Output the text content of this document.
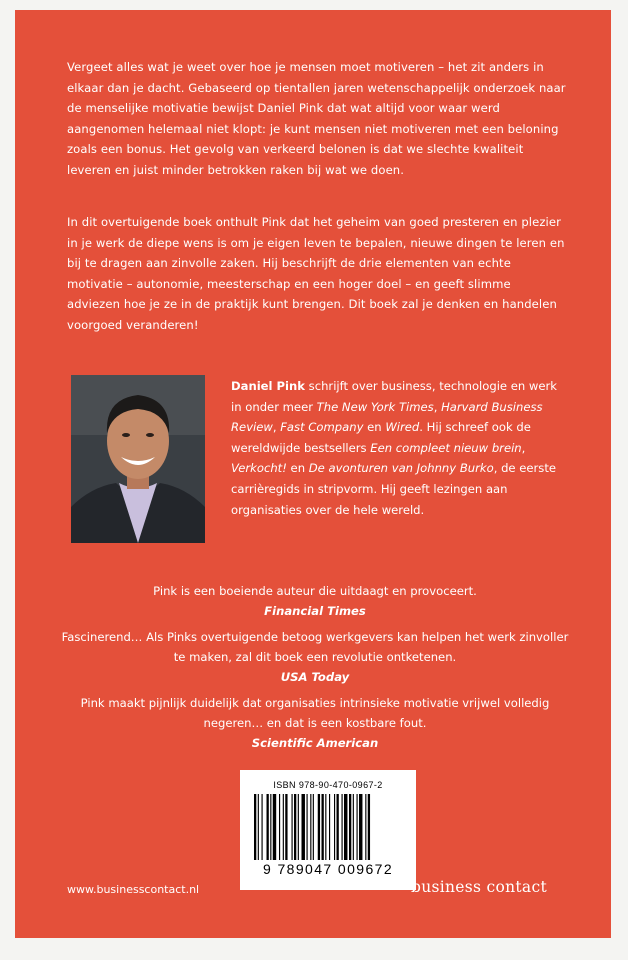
Vergeet alles wat je weet over hoe je mensen moet motiveren – het zit anders in elkaar dan je dacht. Gebaseerd op tientallen jaren wetenschappelijk onderzoek naar de menselijke motivatie bewijst Daniel Pink dat wat altijd voor waar werd aangenomen helemaal niet klopt: je kunt mensen niet motiveren met een beloning zoals een bonus. Het gevolg van verkeerd belonen is dat we slechte kwaliteit leveren en juist minder betrokken raken bij wat we doen.

In dit overtuigende boek onthult Pink dat het geheim van goed presteren en plezier in je werk de diepe wens is om je eigen leven te bepalen, nieuwe dingen te leren en bij te dragen aan zinvolle zaken. Hij beschrijft de drie elementen van echte motivatie – autonomie, meesterschap en een hoger doel – en geeft slimme adviezen hoe je ze in de praktijk kunt brengen. Dit boek zal je denken en handelen voorgoed veranderen!

Daniel Pink schrijft over business, technologie en werk in onder meer The New York Times, Harvard Business Review, Fast Company en Wired. Hij schreef ook de wereldwijde bestsellers Een compleet nieuw brein, Verkocht! en De avonturen van Johnny Burko, de eerste carrièregids in stripvorm. Hij geeft lezingen aan organisaties over de hele wereld.

Pink is een boeiende auteur die uitdaagt en provoceert.

Financial Times

Fascinerend… Als Pinks overtuigende betoog werkgevers kan helpen het werk zinvoller te maken, zal dit boek een revolutie ontketenen.

USA Today

Pink maakt pijnlijk duidelijk dat organisaties intrinsieke motivatie vrijwel volledig negeren… en dat is een kostbare fout.

Scientific American

ISBN 978-90-470-0967-2
9 789047 009672
www.businesscontact.nl	business contact
